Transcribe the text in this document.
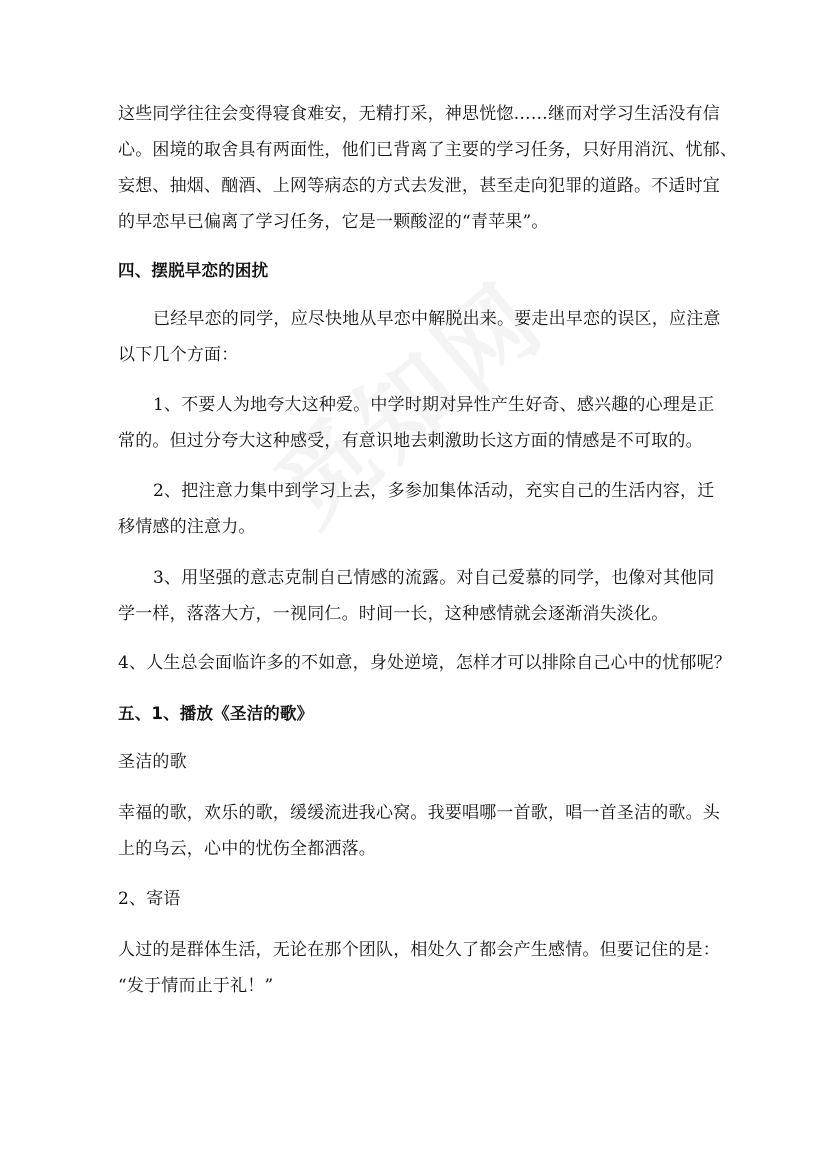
这些同学往往会变得寝食难安，无精打采，神思恍惚……继而对学习生活没有信
心。困境的取舍具有两面性，他们已背离了主要的学习任务，只好用消沉、忧郁、
妄想、抽烟、酗酒、上网等病态的方式去发泄，甚至走向犯罪的道路。不适时宜
的早恋早已偏离了学习任务，它是一颗酸涩的“青苹果”。
四、摆脱早恋的困扰
已经早恋的同学，应尽快地从早恋中解脱出来。要走出早恋的误区，应注意
以下几个方面：
1、不要人为地夸大这种爱。中学时期对异性产生好奇、感兴趣的心理是正
常的。但过分夸大这种感受，有意识地去刺激助长这方面的情感是不可取的。
2、把注意力集中到学习上去，多参加集体活动，充实自己的生活内容，迁
移情感的注意力。
3、用坚强的意志克制自己情感的流露。对自己爱慕的同学，也像对其他同
学一样，落落大方，一视同仁。时间一长，这种感情就会逐渐消失淡化。
4、人生总会面临许多的不如意，身处逆境，怎样才可以排除自己心中的忧郁呢？
五、1、播放《圣洁的歌》
圣洁的歌
幸福的歌，欢乐的歌，缓缓流进我心窝。我要唱哪一首歌，唱一首圣洁的歌。头
上的乌云，心中的忧伤全都洒落。
2、寄语
人过的是群体生活，无论在那个团队，相处久了都会产生感情。但要记住的是：
“发于情而止于礼！”
